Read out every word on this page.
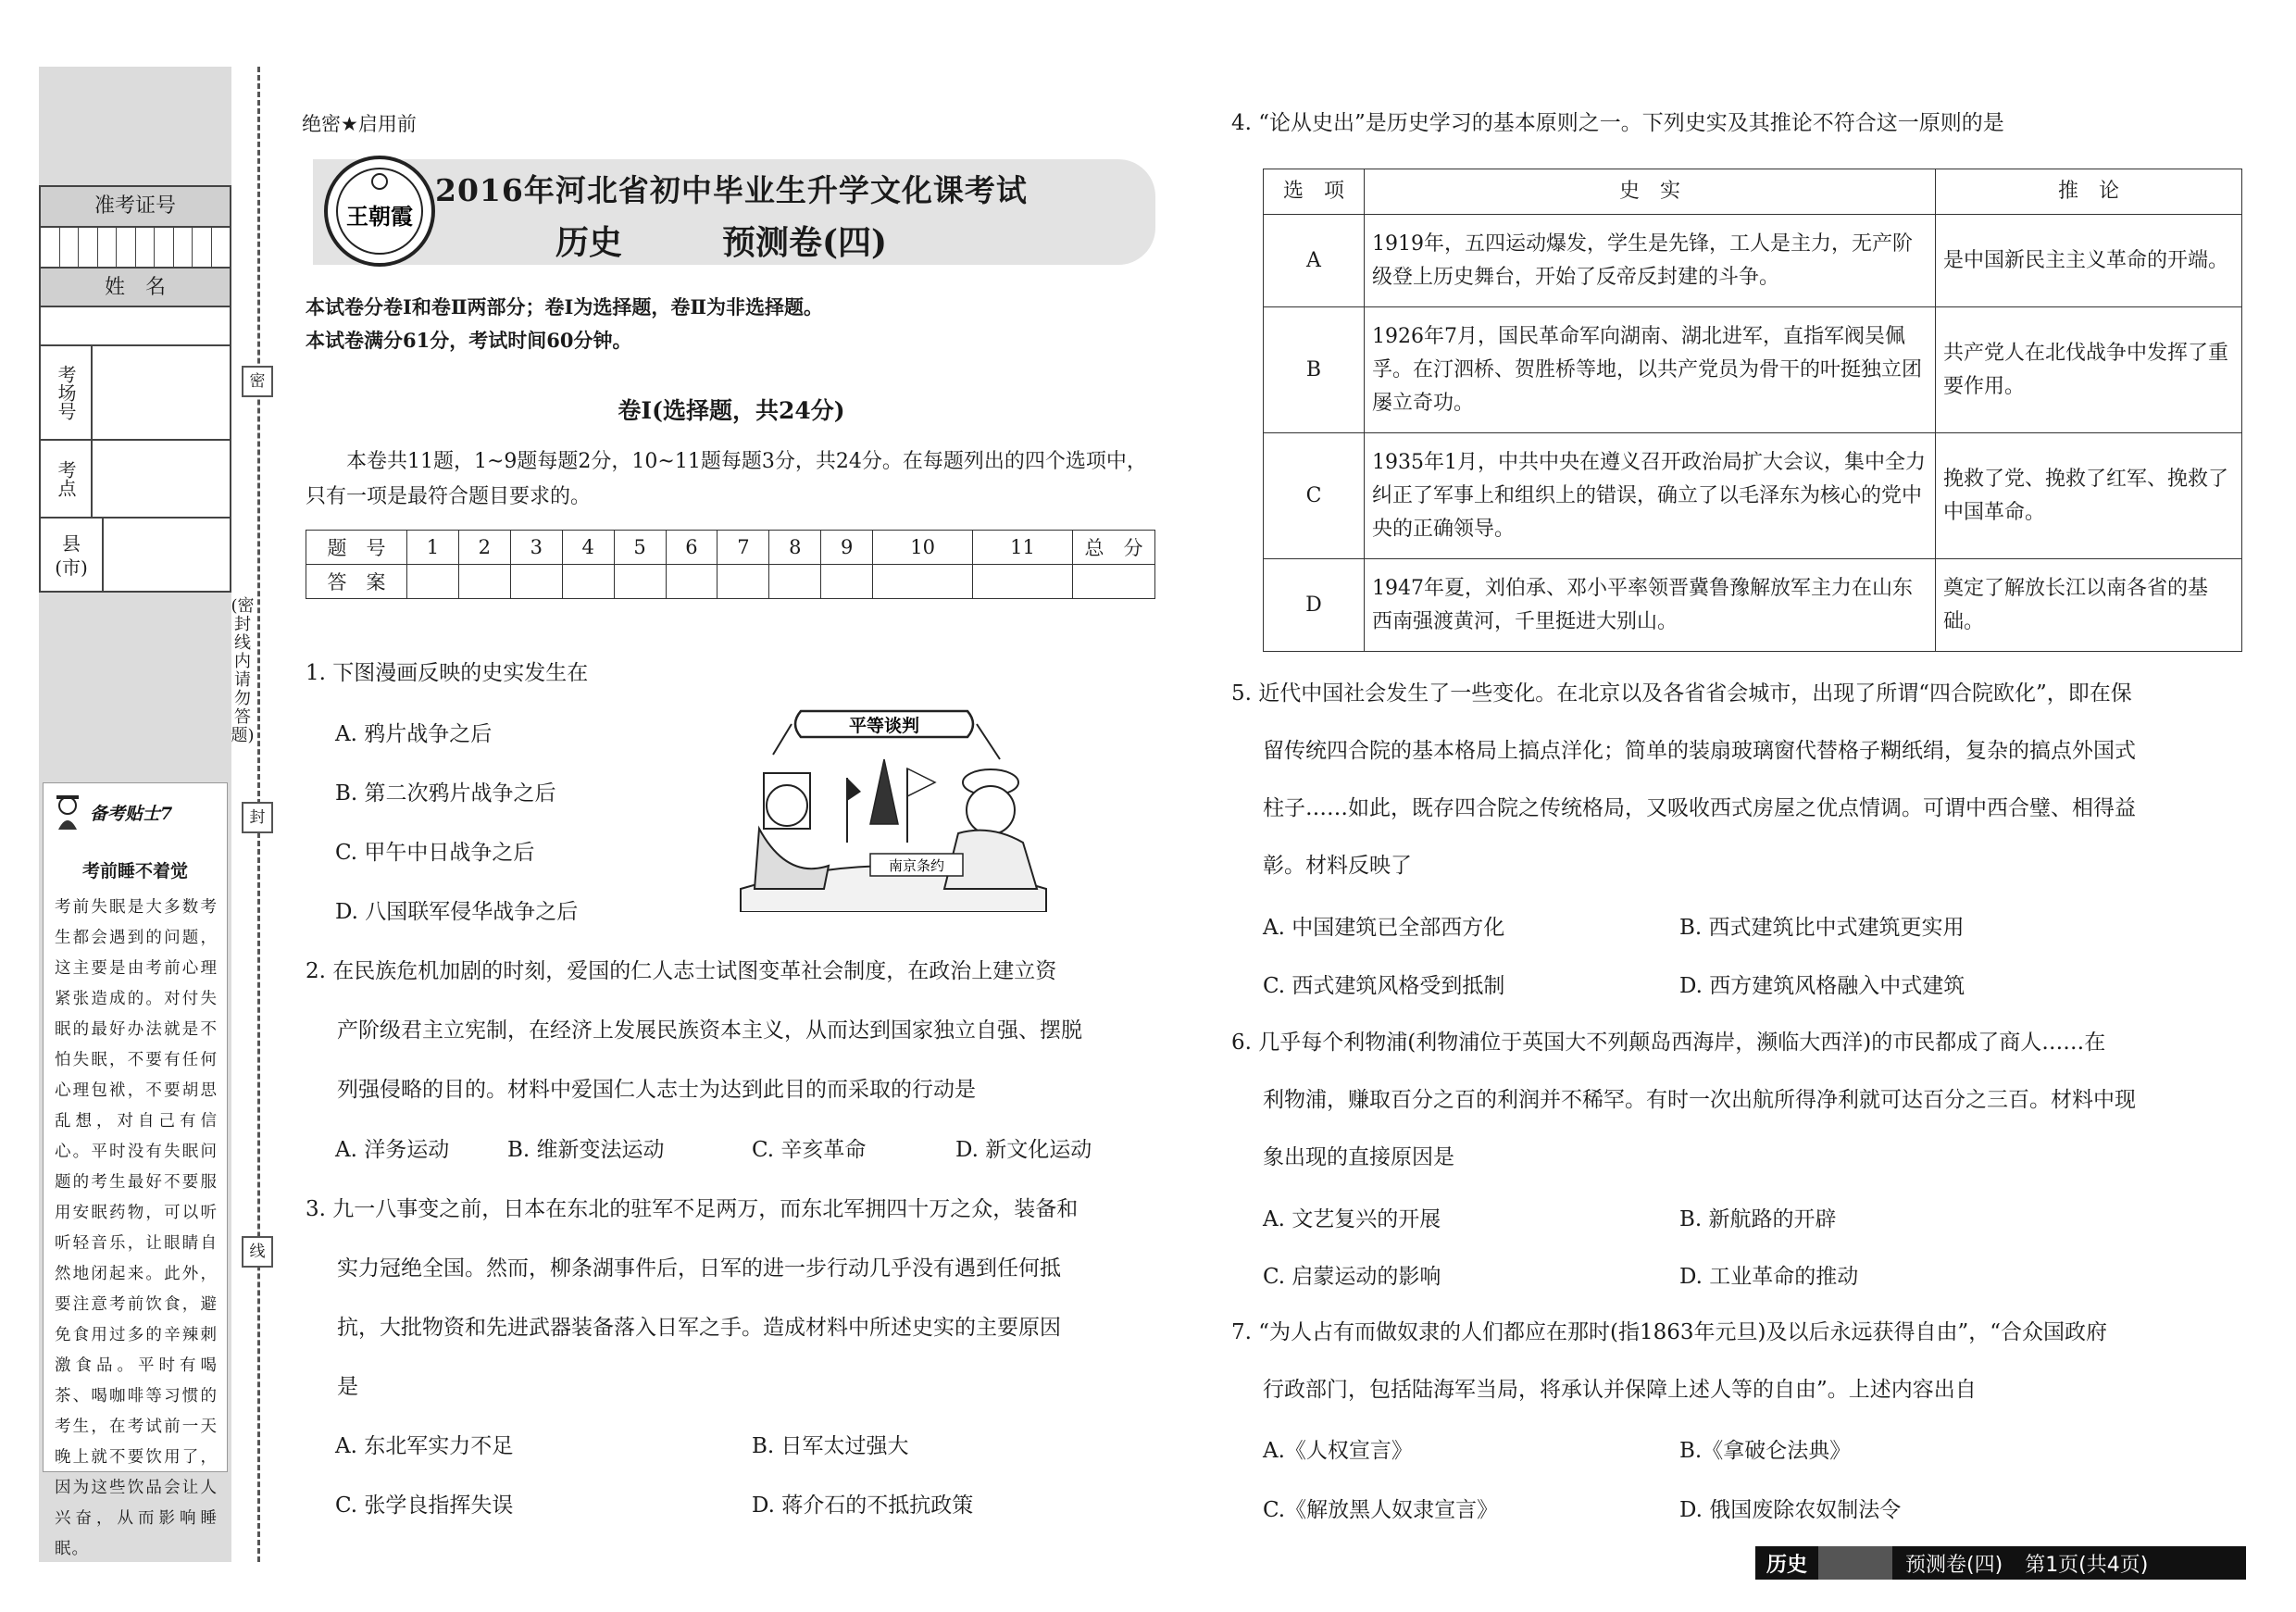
密
封
线
(密封线内请勿答题)
准考证号
姓　名
考场号
考点
县(市)
备考贴士7
考前睡不着觉
考前失眠是大多数考生都会遇到的问题，这主要是由考前心理紧张造成的。对付失眠的最好办法就是不怕失眠，不要有任何心理包袱，不要胡思乱想，对自己有信心。平时没有失眠问题的考生最好不要服用安眠药物，可以听听轻音乐，让眼睛自然地闭起来。此外，要注意考前饮食，避免食用过多的辛辣刺激食品。平时有喝茶、喝咖啡等习惯的考生，在考试前一天晚上就不要饮用了，因为这些饮品会让人兴奋，从而影响睡眠。
绝密★启用前
王朝霞
2016年河北省初中毕业生升学文化课考试
历史	预测卷(四)
本试卷分卷Ⅰ和卷Ⅱ两部分；卷Ⅰ为选择题，卷Ⅱ为非选择题。
本试卷满分61分，考试时间60分钟。
卷Ⅰ(选择题，共24分)
本卷共11题，1~9题每题2分，10~11题每题3分，共24分。在每题列出的四个选项中，只有一项是最符合题目要求的。
题　号	1	2	3	4	5	6	7	8	9	10	11	总　分
答　案												
1. 下图漫画反映的史实发生在
A. 鸦片战争之后
B. 第二次鸦片战争之后
C. 甲午中日战争之后
D. 八国联军侵华战争之后
平等谈判
南京条约
2. 在民族危机加剧的时刻，爱国的仁人志士试图变革社会制度，在政治上建立资
产阶级君主立宪制，在经济上发展民族资本主义，从而达到国家独立自强、摆脱
列强侵略的目的。材料中爱国仁人志士为达到此目的而采取的行动是
A. 洋务运动	B. 维新变法运动	C. 辛亥革命	D. 新文化运动
3. 九一八事变之前，日本在东北的驻军不足两万，而东北军拥四十万之众，装备和
实力冠绝全国。然而，柳条湖事件后，日军的进一步行动几乎没有遇到任何抵
抗，大批物资和先进武器装备落入日军之手。造成材料中所述史实的主要原因
是
A. 东北军实力不足	B. 日军太过强大
C. 张学良指挥失误	D. 蒋介石的不抵抗政策
4. “论从史出”是历史学习的基本原则之一。下列史实及其推论不符合这一原则的是
选　项	史　实	推　论
A	1919年，五四运动爆发，学生是先锋，工人是主力，无产阶级登上历史舞台，开始了反帝反封建的斗争。	是中国新民主主义革命的开端。
B	1926年7月，国民革命军向湖南、湖北进军，直指军阀吴佩孚。在汀泗桥、贺胜桥等地，以共产党员为骨干的叶挺独立团屡立奇功。	共产党人在北伐战争中发挥了重要作用。
C	1935年1月，中共中央在遵义召开政治局扩大会议，集中全力纠正了军事上和组织上的错误，确立了以毛泽东为核心的党中央的正确领导。	挽救了党、挽救了红军、挽救了中国革命。
D	1947年夏，刘伯承、邓小平率领晋冀鲁豫解放军主力在山东西南强渡黄河，千里挺进大别山。	奠定了解放长江以南各省的基础。
5. 近代中国社会发生了一些变化。在北京以及各省省会城市，出现了所谓“四合院欧化”，即在保
留传统四合院的基本格局上搞点洋化；简单的装扇玻璃窗代替格子糊纸绢，复杂的搞点外国式
柱子……如此，既存四合院之传统格局，又吸收西式房屋之优点情调。可谓中西合璧、相得益
彰。材料反映了
A. 中国建筑已全部西方化	B. 西式建筑比中式建筑更实用
C. 西式建筑风格受到抵制	D. 西方建筑风格融入中式建筑
6. 几乎每个利物浦(利物浦位于英国大不列颠岛西海岸，濒临大西洋)的市民都成了商人……在
利物浦，赚取百分之百的利润并不稀罕。有时一次出航所得净利就可达百分之三百。材料中现
象出现的直接原因是
A. 文艺复兴的开展	B. 新航路的开辟
C. 启蒙运动的影响	D. 工业革命的推动
7. “为人占有而做奴隶的人们都应在那时(指1863年元旦)及以后永远获得自由”，“合众国政府
行政部门，包括陆海军当局，将承认并保障上述人等的自由”。上述内容出自
A.《人权宣言》	B.《拿破仑法典》
C.《解放黑人奴隶宣言》	D. 俄国废除农奴制法令
历史	预测卷(四)	第1页(共4页)
